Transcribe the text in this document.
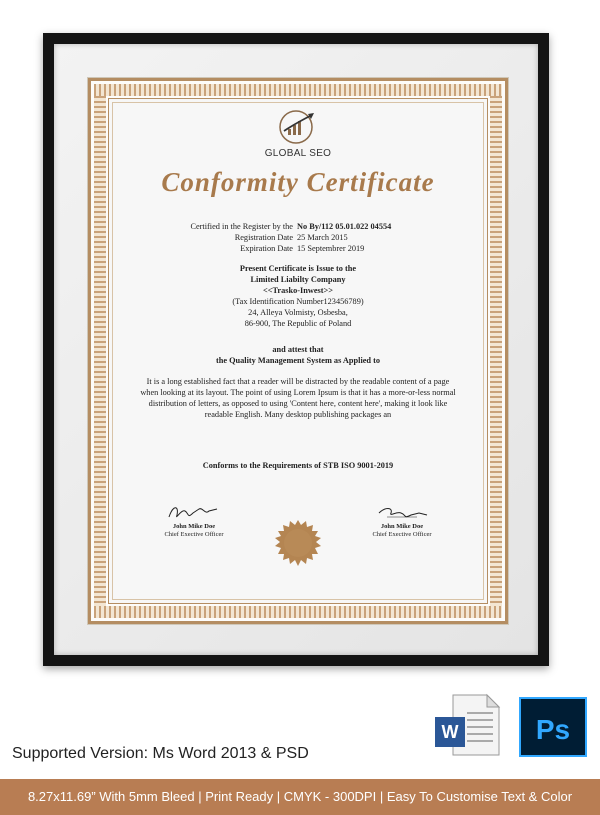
GLOBAL SEO
Conformity Certificate
Certified in the Register by the No By/112 05.01.022 04554
Registration Date 25 March 2015
Expiration Date 15 Septembrer 2019
Present Certificate is Issue to the
Limited Liabilty Company
<<Trasko-Inwest>>
(Tax Identification Number123456789)
24, Alleya Volmisty, Osbesba,
86-900, The Republic of Poland
and attest that
the Quality Management System as Applied to
It is a long established fact that a reader will be distracted by the readable content of a page when looking at its layout. The point of using Lorem Ipsum is that it has a more-or-less normal distribution of letters, as opposed to using 'Content here, content here', making it look like readable English. Many desktop publishing packages an
Conforms to the Requirements of STB ISO 9001-2019
John Mike Doe
Chief Exective Officer
John Mike Doe
Chief Exective Officer
W	Ps
Supported Version: Ms Word 2013 & PSD
8.27x11.69” With 5mm Bleed | Print Ready | CMYK - 300DPI | Easy To Customise Text & Color
